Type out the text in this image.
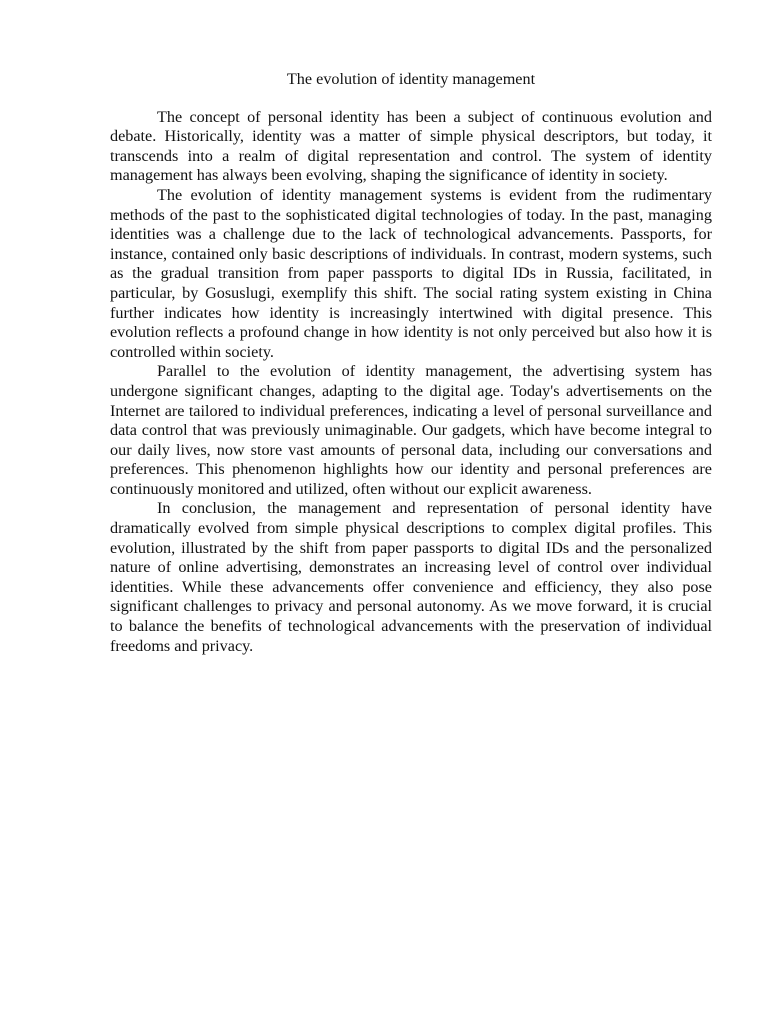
The evolution of identity management

The concept of personal identity has been a subject of continuous evolution and debate. Historically, identity was a matter of simple physical descriptors, but today, it transcends into a realm of digital representation and control. The system of identity management has always been evolving, shaping the significance of identity in society.

The evolution of identity management systems is evident from the rudimentary methods of the past to the sophisticated digital technologies of today. In the past, managing identities was a challenge due to the lack of technological advancements. Passports, for instance, contained only basic descriptions of individuals. In contrast, modern systems, such as the gradual transition from paper passports to digital IDs in Russia, facilitated, in particular, by Gosuslugi, exemplify this shift. The social rating system existing in China further indicates how identity is increasingly intertwined with digital presence. This evolution reflects a profound change in how identity is not only perceived but also how it is controlled within society.

Parallel to the evolution of identity management, the advertising system has undergone significant changes, adapting to the digital age. Today's advertisements on the Internet are tailored to individual preferences, indicating a level of personal surveillance and data control that was previously unimaginable. Our gadgets, which have become integral to our daily lives, now store vast amounts of personal data, including our conversations and preferences. This phenomenon highlights how our identity and personal preferences are continuously monitored and utilized, often without our explicit awareness.

In conclusion, the management and representation of personal identity have dramatically evolved from simple physical descriptions to complex digital profiles. This evolution, illustrated by the shift from paper passports to digital IDs and the personalized nature of online advertising, demonstrates an increasing level of control over individual identities. While these advancements offer convenience and efficiency, they also pose significant challenges to privacy and personal autonomy. As we move forward, it is crucial to balance the benefits of technological advancements with the preservation of individual freedoms and privacy.
